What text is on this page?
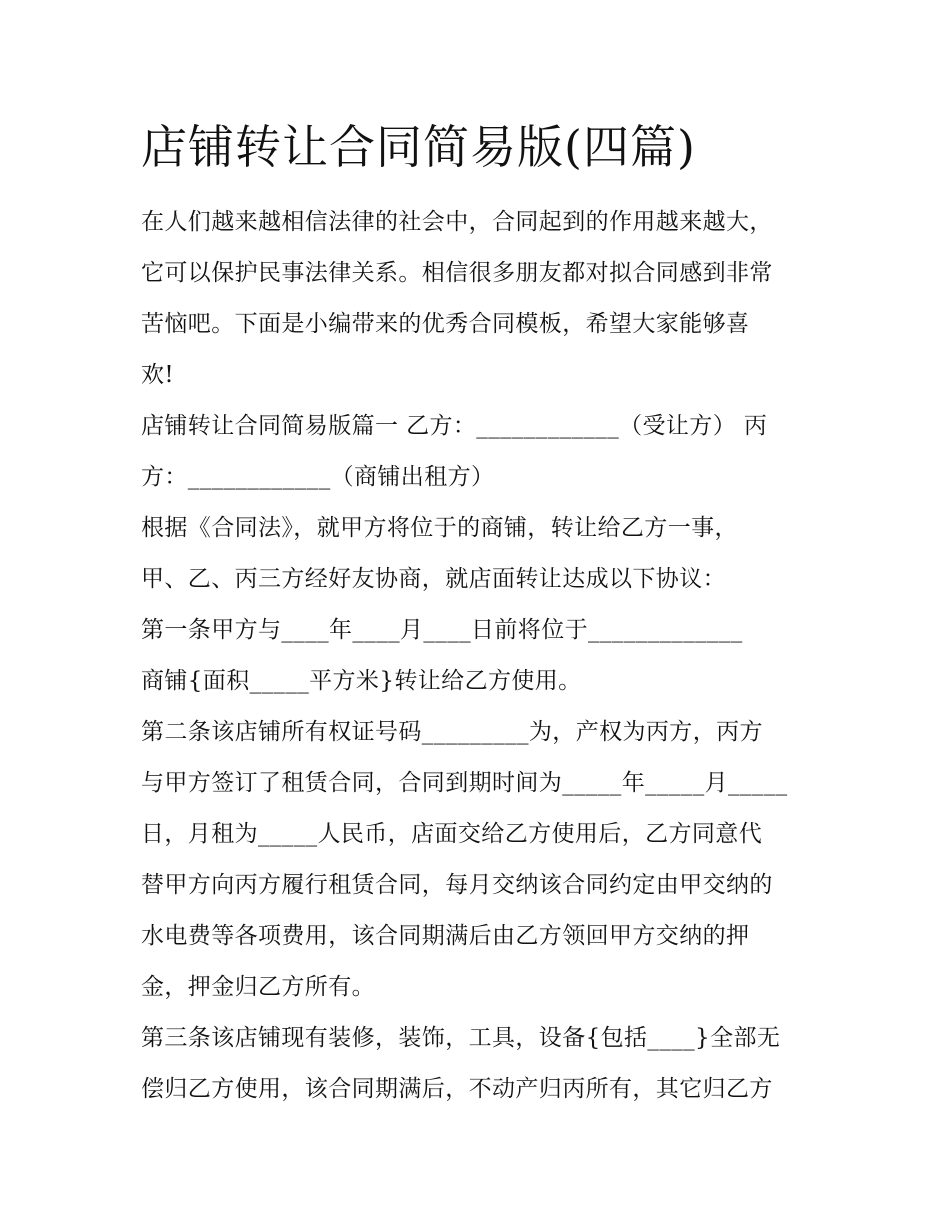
店铺转让合同简易版(四篇)
在人们越来越相信法律的社会中，合同起到的作用越来越大，
它可以保护民事法律关系。相信很多朋友都对拟合同感到非常
苦恼吧。下面是小编带来的优秀合同模板，希望大家能够喜
欢!
店铺转让合同简易版篇一 乙方：____________（受让方） 丙
方：____________（商铺出租方）
根据《合同法》，就甲方将位于的商铺，转让给乙方一事，
甲、乙、丙三方经好友协商，就店面转让达成以下协议：
第一条甲方与____年____月____日前将位于_____________
商铺{面积_____平方米}转让给乙方使用。
第二条该店铺所有权证号码_________为，产权为丙方，丙方
与甲方签订了租赁合同，合同到期时间为_____年_____月_____
日，月租为_____人民币，店面交给乙方使用后，乙方同意代
替甲方向丙方履行租赁合同，每月交纳该合同约定由甲交纳的
水电费等各项费用，该合同期满后由乙方领回甲方交纳的押
金，押金归乙方所有。
第三条该店铺现有装修，装饰，工具，设备{包括____}全部无
偿归乙方使用，该合同期满后，不动产归丙所有，其它归乙方
